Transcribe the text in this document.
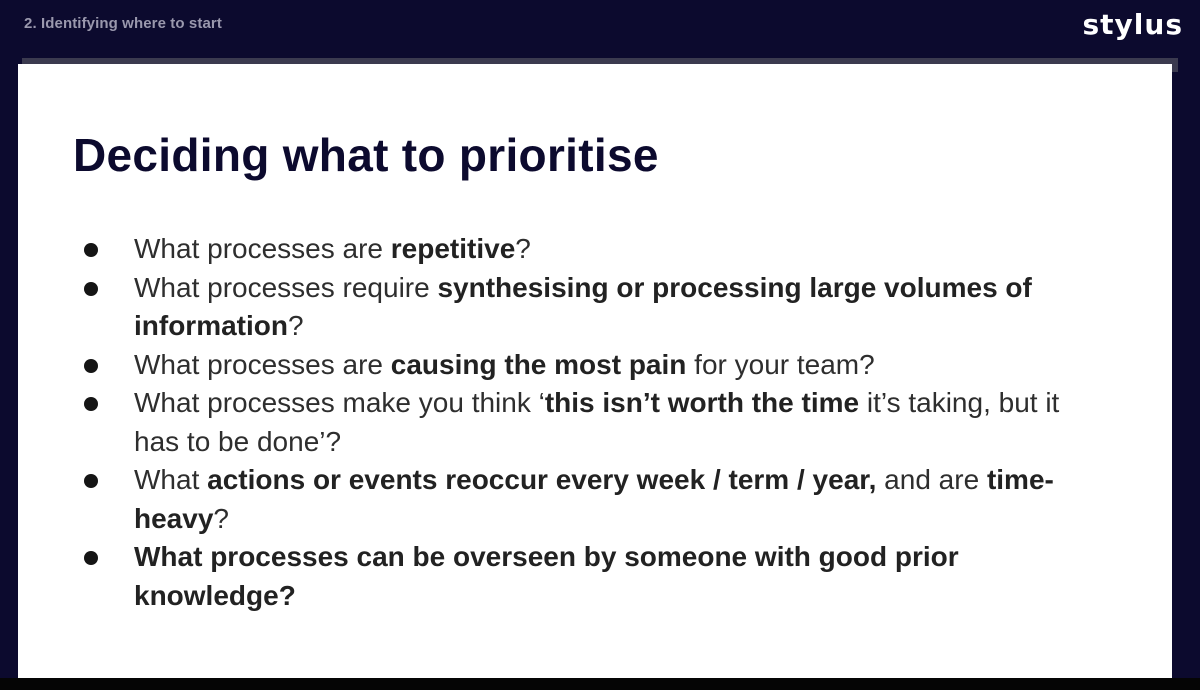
2. Identifying where to start	stylus
Deciding what to prioritise
What processes are repetitive?
What processes require synthesising or processing large volumes of information?
What processes are causing the most pain for your team?
What processes make you think ‘this isn’t worth the time it’s taking, but it has to be done’?
What actions or events reoccur every week / term / year, and are time-heavy?
What processes can be overseen by someone with good prior knowledge?
